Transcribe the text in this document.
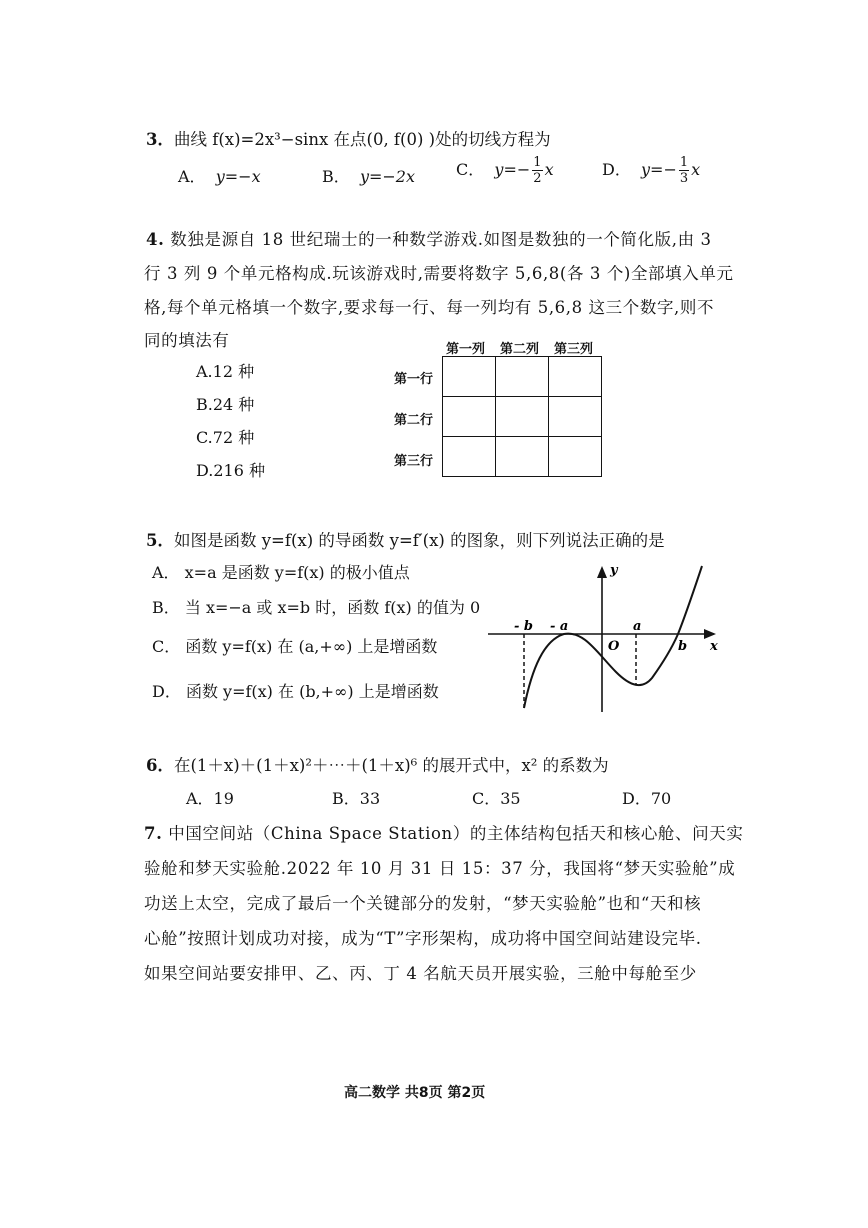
3．曲线 f(x)=2x³−sinx 在点(0, f(0) )处的切线方程为
A． y=−x	B． y=−2x	C． $y=- \frac{1}{2}$ x	D． $y=- \frac{1}{3}$ x
4. 数独是源自 18 世纪瑞士的一种数学游戏.如图是数独的一个简化版,由 3
行 3 列 9 个单元格构成.玩该游戏时,需要将数字 5,6,8(各 3 个)全部填入单元
格,每个单元格填一个数字,要求每一行、每一列均有 5,6,8 这三个数字,则不
同的填法有
A.12 种
B.24 种
C.72 种
D.216 种
第一列 第二列 第三列
第一行
第二行
第三行

5．如图是函数 y=f(x) 的导函数 y=f′(x) 的图象，则下列说法正确的是
A． x=a 是函数 y=f(x) 的极小值点
B． 当 x=−a 或 x=b 时，函数 f(x) 的值为 0
C． 函数 y=f(x) 在 (a,+∞) 上是增函数
D． 函数 y=f(x) 在 (b,+∞) 上是增函数
y
x
O
- b - a	a
b
6．在(1＋x)＋(1＋x)²＋⋯＋(1＋x)⁶ 的展开式中，x² 的系数为
A．19	B．33	C．35	D．70
7. 中国空间站（China Space Station）的主体结构包括天和核心舱、问天实
验舱和梦天实验舱.2022 年 10 月 31 日 15：37 分，我国将“梦天实验舱”成
功送上太空，完成了最后一个关键部分的发射，“梦天实验舱”也和“天和核
心舱”按照计划成功对接，成为“T”字形架构，成功将中国空间站建设完毕.
如果空间站要安排甲、乙、丙、丁 4 名航天员开展实验，三舱中每舱至少
高二数学 共8页 第2页
